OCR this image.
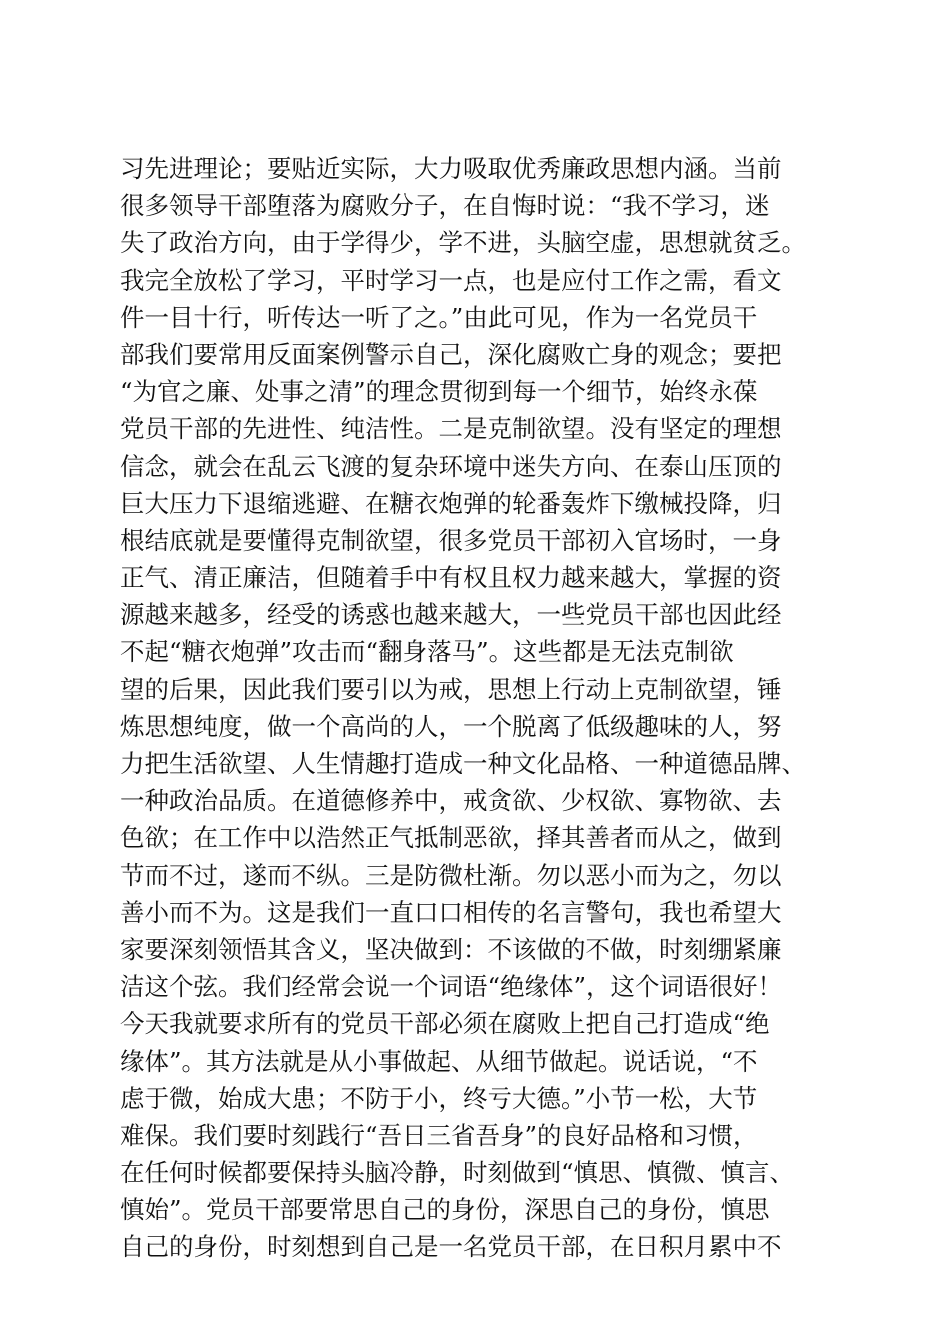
习先进理论；要贴近实际，大力吸取优秀廉政思想内涵。当前
很多领导干部堕落为腐败分子，在自悔时说：“我不学习，迷
失了政治方向，由于学得少，学不进，头脑空虚，思想就贫乏。
我完全放松了学习，平时学习一点，也是应付工作之需，看文
件一目十行，听传达一听了之。”由此可见，作为一名党员干
部我们要常用反面案例警示自己，深化腐败亡身的观念；要把
“为官之廉、处事之清”的理念贯彻到每一个细节，始终永葆
党员干部的先进性、纯洁性。二是克制欲望。没有坚定的理想
信念，就会在乱云飞渡的复杂环境中迷失方向、在泰山压顶的
巨大压力下退缩逃避、在糖衣炮弹的轮番轰炸下缴械投降，归
根结底就是要懂得克制欲望，很多党员干部初入官场时，一身
正气、清正廉洁，但随着手中有权且权力越来越大，掌握的资
源越来越多，经受的诱惑也越来越大，一些党员干部也因此经
不起“糖衣炮弹”攻击而“翻身落马”。这些都是无法克制欲
望的后果，因此我们要引以为戒，思想上行动上克制欲望，锤
炼思想纯度，做一个高尚的人，一个脱离了低级趣味的人，努
力把生活欲望、人生情趣打造成一种文化品格、一种道德品牌、
一种政治品质。在道德修养中，戒贪欲、少权欲、寡物欲、去
色欲；在工作中以浩然正气抵制恶欲，择其善者而从之，做到
节而不过，遂而不纵。三是防微杜渐。勿以恶小而为之，勿以
善小而不为。这是我们一直口口相传的名言警句，我也希望大
家要深刻领悟其含义，坚决做到：不该做的不做，时刻绷紧廉
洁这个弦。我们经常会说一个词语“绝缘体”，这个词语很好！
今天我就要求所有的党员干部必须在腐败上把自己打造成“绝
缘体”。其方法就是从小事做起、从细节做起。说话说，“不
虑于微，始成大患；不防于小，终亏大德。”小节一松，大节
难保。我们要时刻践行“吾日三省吾身”的良好品格和习惯，
在任何时候都要保持头脑冷静，时刻做到“慎思、慎微、慎言、
慎始”。党员干部要常思自己的身份，深思自己的身份，慎思
自己的身份，时刻想到自己是一名党员干部，在日积月累中不
